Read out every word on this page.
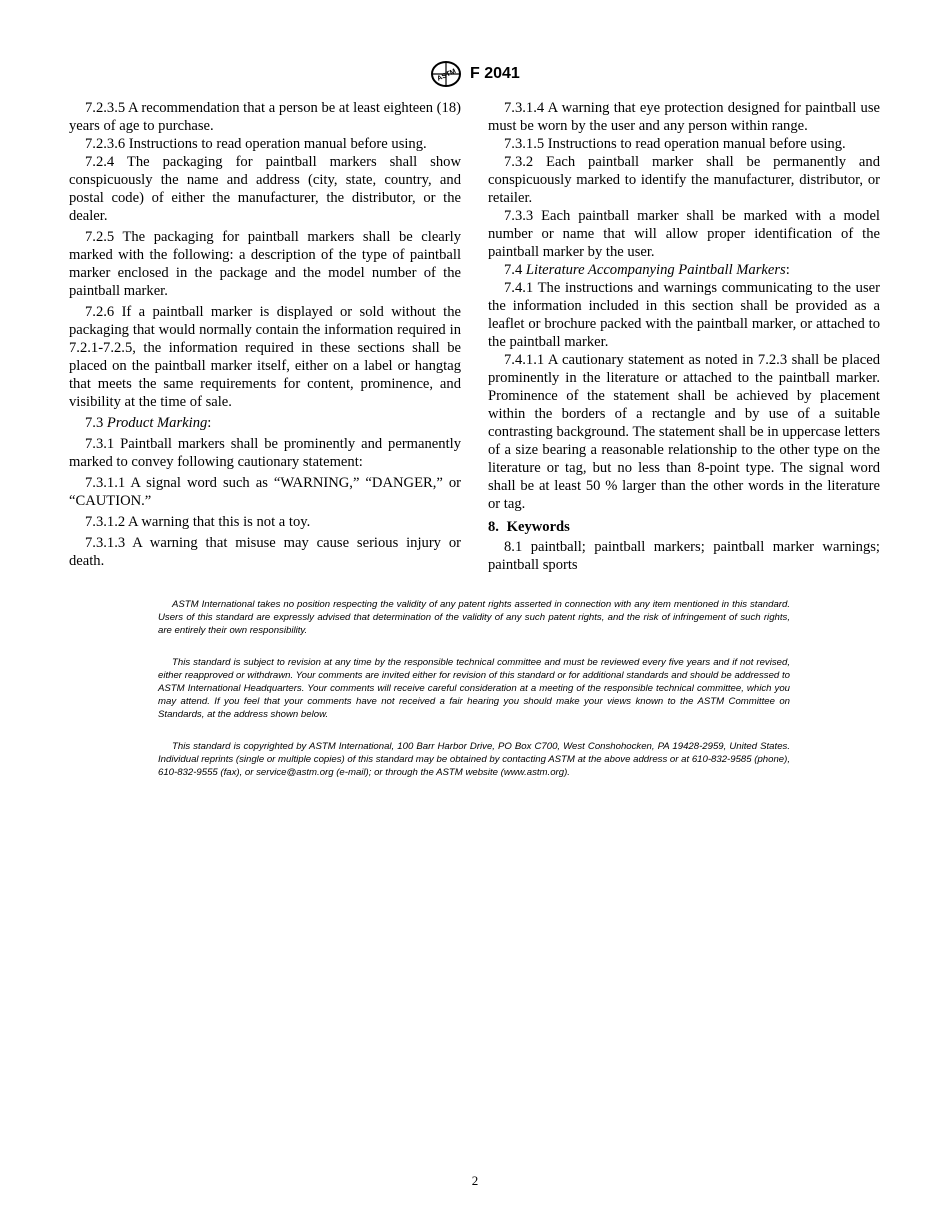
ASTM F 2041

7.2.3.5 A recommendation that a person be at least eighteen (18) years of age to purchase.

7.2.3.6 Instructions to read operation manual before using.

7.2.4 The packaging for paintball markers shall show conspicuously the name and address (city, state, country, and postal code) of either the manufacturer, the distributor, or the dealer.

7.2.5 The packaging for paintball markers shall be clearly marked with the following: a description of the type of paintball marker enclosed in the package and the model number of the paintball marker.

7.2.6 If a paintball marker is displayed or sold without the packaging that would normally contain the information required in 7.2.1-7.2.5, the information required in these sections shall be placed on the paintball marker itself, either on a label or hangtag that meets the same requirements for content, prominence, and visibility at the time of sale.

7.3 Product Marking:

7.3.1 Paintball markers shall be prominently and permanently marked to convey following cautionary statement:

7.3.1.1 A signal word such as “WARNING,” “DANGER,” or “CAUTION.”

7.3.1.2 A warning that this is not a toy.

7.3.1.3 A warning that misuse may cause serious injury or death.

7.3.1.4 A warning that eye protection designed for paintball use must be worn by the user and any person within range.

7.3.1.5 Instructions to read operation manual before using.

7.3.2 Each paintball marker shall be permanently and conspicuously marked to identify the manufacturer, distributor, or retailer.

7.3.3 Each paintball marker shall be marked with a model number or name that will allow proper identification of the paintball marker by the user.

7.4 Literature Accompanying Paintball Markers:

7.4.1 The instructions and warnings communicating to the user the information included in this section shall be provided as a leaflet or brochure packed with the paintball marker, or attached to the paintball marker.

7.4.1.1 A cautionary statement as noted in 7.2.3 shall be placed prominently in the literature or attached to the paintball marker. Prominence of the statement shall be achieved by placement within the borders of a rectangle and by use of a suitable contrasting background. The statement shall be in uppercase letters of a size bearing a reasonable relationship to the other type on the literature or tag, but no less than 8-point type. The signal word shall be at least 50 % larger than the other words in the literature or tag.

8. Keywords

8.1 paintball; paintball markers; paintball marker warnings; paintball sports

ASTM International takes no position respecting the validity of any patent rights asserted in connection with any item mentioned in this standard. Users of this standard are expressly advised that determination of the validity of any such patent rights, and the risk of infringement of such rights, are entirely their own responsibility.

This standard is subject to revision at any time by the responsible technical committee and must be reviewed every five years and if not revised, either reapproved or withdrawn. Your comments are invited either for revision of this standard or for additional standards and should be addressed to ASTM International Headquarters. Your comments will receive careful consideration at a meeting of the responsible technical committee, which you may attend. If you feel that your comments have not received a fair hearing you should make your views known to the ASTM Committee on Standards, at the address shown below.

This standard is copyrighted by ASTM International, 100 Barr Harbor Drive, PO Box C700, West Conshohocken, PA 19428-2959, United States. Individual reprints (single or multiple copies) of this standard may be obtained by contacting ASTM at the above address or at 610-832-9585 (phone), 610-832-9555 (fax), or service@astm.org (e-mail); or through the ASTM website (www.astm.org).

2
